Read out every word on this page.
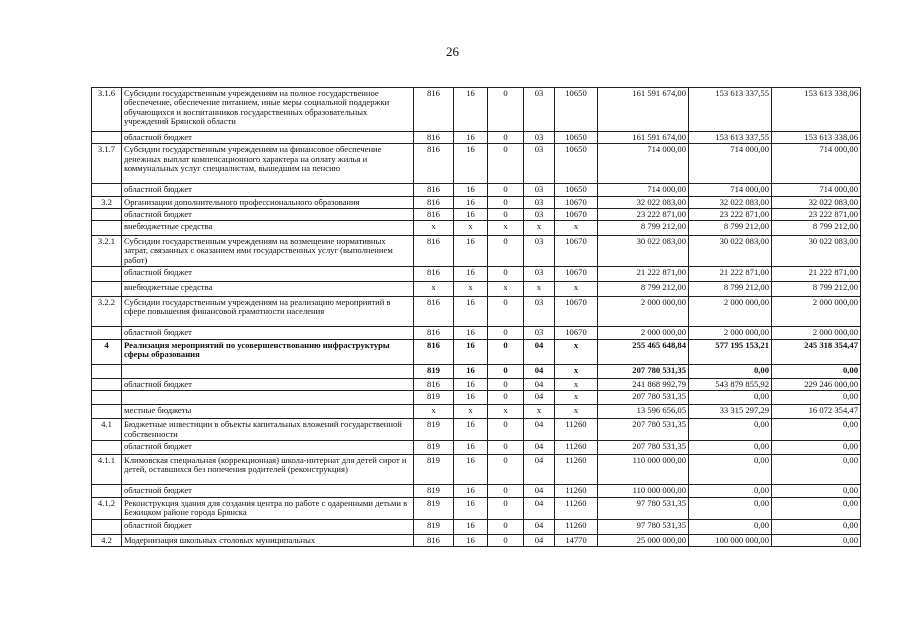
26
3.1.6	Субсидии государственным учреждениям на полное государственное обеспечение, обеспечение питанием, иные меры социальной поддержки обучающихся и воспитанников государственных образовательных учреждений Брянской области	816	16	0	03	10650	161 591 674,00	153 613 337,55	153 613 338,06
	областной бюджет	816	16	0	03	10650	161 591 674,00	153 613 337,55	153 613 338,06
3.1.7	Субсидии государственным учреждениям на финансовое обеспечение денежных выплат компенсационного характера на оплату жилья и коммунальных услуг специалистам, вышедшим на пенсию	816	16	0	03	10650	714 000,00	714 000,00	714 000,00
	областной бюджет	816	16	0	03	10650	714 000,00	714 000,00	714 000,00
3.2	Организации дополнительного профессионального образования	816	16	0	03	10670	32 022 083,00	32 022 083,00	32 022 083,00
	областной бюджет	816	16	0	03	10670	23 222 871,00	23 222 871,00	23 222 871,00
	внебюджетные средства	x	x	x	x	x	8 799 212,00	8 799 212,00	8 799 212,00
3.2.1	Субсидии государственным учреждениям на возмещение нормативных затрат, связанных с оказанием ими государственных услуг (выполнением работ)	816	16	0	03	10670	30 022 083,00	30 022 083,00	30 022 083,00
	областной бюджет	816	16	0	03	10670	21 222 871,00	21 222 871,00	21 222 871,00
	внебюджетные средства	x	x	x	x	x	8 799 212,00	8 799 212,00	8 799 212,00
3.2.2	Субсидии государственным учреждениям на реализацию мероприятий в сфере повышения финансовой грамотности населения	816	16	0	03	10670	2 000 000,00	2 000 000,00	2 000 000,00
	областной бюджет	816	16	0	03	10670	2 000 000,00	2 000 000,00	2 000 000,00
4	Реализация мероприятий по усовершенствованию инфраструктуры сферы образования	816	16	0	04	x	255 465 648,84	577 195 153,21	245 318 354,47
		819	16	0	04	x	207 780 531,35	0,00	0,00
	областной бюджет	816	16	0	04	x	241 868 992,79	543 879 855,92	229 246 000,00
		819	16	0	04	x	207 780 531,35	0,00	0,00
	местные бюджеты	x	x	x	x	x	13 596 656,05	33 315 297,29	16 072 354,47
4.1	Бюджетные инвестиции в объекты капитальных вложений государственной собственности	819	16	0	04	11260	207 780 531,35	0,00	0,00
	областной бюджет	819	16	0	04	11260	207 780 531,35	0,00	0,00
4.1.1	Климовская специальная (коррекционная) школа-интернат для детей сирот и детей, оставшихся без попечения родителей (реконструкция)	819	16	0	04	11260	110 000 000,00	0,00	0,00
	областной бюджет	819	16	0	04	11260	110 000 000,00	0,00	0,00
4.1.2	Реконструкция здания для создания центра по работе с одаренными детьми в Бежицком районе города Брянска	819	16	0	04	11260	97 780 531,35	0,00	0,00
	областной бюджет	819	16	0	04	11260	97 780 531,35	0,00	0,00
4.2	Модернизация школьных столовых муниципальных	816	16	0	04	14770	25 000 000,00	100 000 000,00	0,00
